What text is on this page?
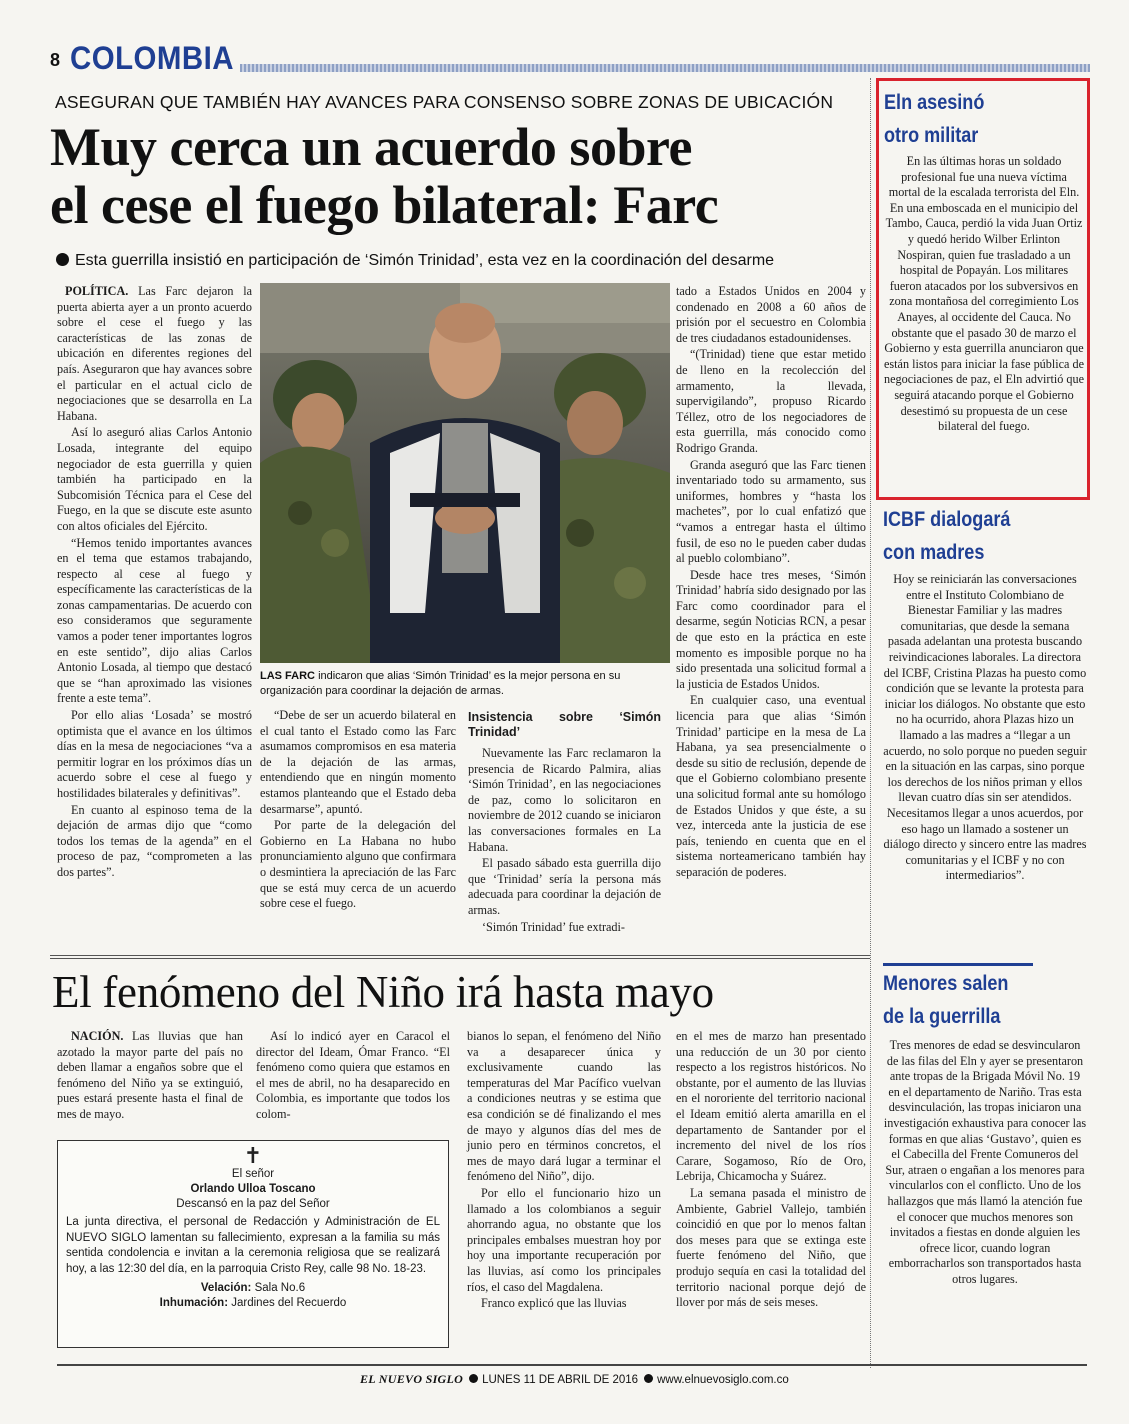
8 COLOMBIA
ASEGURAN QUE TAMBIÉN HAY AVANCES PARA CONSENSO SOBRE ZONAS DE UBICACIÓN
Muy cerca un acuerdo sobre
el cese el fuego bilateral: Farc
Esta guerrilla insistió en participación de ‘Simón Trinidad’, esta vez en la coordinación del desarme

POLÍTICA. Las Farc dejaron la puerta abierta ayer a un pronto acuerdo sobre el cese el fuego y las características de las zonas de ubicación en diferentes regiones del país. Aseguraron que hay avances sobre el particular en el actual ciclo de negociaciones que se desarrolla en La Habana.

Así lo aseguró alias Carlos Antonio Losada, integrante del equipo negociador de esta guerrilla y quien también ha participado en la Subcomisión Técnica para el Cese del Fuego, en la que se discute este asunto con altos oficiales del Ejército.

“Hemos tenido importantes avances en el tema que estamos trabajando, respecto al cese al fuego y específicamente las características de la zonas campamentarias. De acuerdo con eso consideramos que seguramente vamos a poder tener importantes logros en este sentido”, dijo alias Carlos Antonio Losada, al tiempo que destacó que se “han aproximado las visiones frente a este tema”.

Por ello alias ‘Losada’ se mostró optimista que el avance en los últimos días en la mesa de negociaciones “va a permitir lograr en los próximos días un acuerdo sobre el cese al fuego y hostilidades bilaterales y definitivas”.

En cuanto al espinoso tema de la dejación de armas dijo que “como todos los temas de la agenda” en el proceso de paz, “comprometen a las dos partes”.

LAS FARC indicaron que alias ‘Simón Trinidad’ es la mejor persona en su organización para coordinar la dejación de armas.

“Debe de ser un acuerdo bilateral en el cual tanto el Estado como las Farc asumamos compromisos en esa materia de la dejación de las armas, entendiendo que en ningún momento estamos planteando que el Estado deba desarmarse”, apuntó.

Por parte de la delegación del Gobierno en La Habana no hubo pronunciamiento alguno que confirmara o desmintiera la apreciación de las Farc que se está muy cerca de un acuerdo sobre cese el fuego.

Insistencia sobre ‘Simón Trinidad’

Nuevamente las Farc reclamaron la presencia de Ricardo Palmira, alias ‘Simón Trinidad’, en las negociaciones de paz, como lo solicitaron en noviembre de 2012 cuando se iniciaron las conversaciones formales en La Habana.

El pasado sábado esta guerrilla dijo que ‘Trinidad’ sería la persona más adecuada para coordinar la dejación de armas.

‘Simón Trinidad’ fue extradi-

tado a Estados Unidos en 2004 y condenado en 2008 a 60 años de prisión por el secuestro en Colombia de tres ciudadanos estadounidenses.

“(Trinidad) tiene que estar metido de lleno en la recolección del armamento, la llevada, supervigilando”, propuso Ricardo Téllez, otro de los negociadores de esta guerrilla, más conocido como Rodrigo Granda.

Granda aseguró que las Farc tienen inventariado todo su armamento, sus uniformes, hombres y “hasta los machetes”, por lo cual enfatizó que “vamos a entregar hasta el último fusil, de eso no le pueden caber dudas al pueblo colombiano”.

Desde hace tres meses, ‘Simón Trinidad’ habría sido designado por las Farc como coordinador para el desarme, según Noticias RCN, a pesar de que esto en la práctica en este momento es imposible porque no ha sido presentada una solicitud formal a la justicia de Estados Unidos.

En cualquier caso, una eventual licencia para que alias ‘Simón Trinidad’ participe en la mesa de La Habana, ya sea presencialmente o desde su sitio de reclusión, depende de que el Gobierno colombiano presente una solicitud formal ante su homólogo de Estados Unidos y que éste, a su vez, interceda ante la justicia de ese país, teniendo en cuenta que en el sistema norteamericano también hay separación de poderes.

Eln asesinó
otro militar
En las últimas horas un soldado profesional fue una nueva víctima mortal de la escalada terrorista del Eln. En una emboscada en el municipio del Tambo, Cauca, perdió la vida Juan Ortiz y quedó herido Wilber Erlinton Nospiran, quien fue trasladado a un hospital de Popayán. Los militares fueron atacados por los subversivos en zona montañosa del corregimiento Los Anayes, al occidente del Cauca. No obstante que el pasado 30 de marzo el Gobierno y esta guerrilla anunciaron que están listos para iniciar la fase pública de negociaciones de paz, el Eln advirtió que seguirá atacando porque el Gobierno desestimó su propuesta de un cese bilateral del fuego.
ICBF dialogará
con madres
Hoy se reiniciarán las conversaciones entre el Instituto Colombiano de Bienestar Familiar y las madres comunitarias, que desde la semana pasada adelantan una protesta buscando reivindicaciones laborales. La directora del ICBF, Cristina Plazas ha puesto como condición que se levante la protesta para iniciar los diálogos. No obstante que esto no ha ocurrido, ahora Plazas hizo un llamado a las madres a “llegar a un acuerdo, no solo porque no pueden seguir en la situación en las carpas, sino porque los derechos de los niños priman y ellos llevan cuatro días sin ser atendidos. Necesitamos llegar a unos acuerdos, por eso hago un llamado a sostener un diálogo directo y sincero entre las madres comunitarias y el ICBF y no con intermediarios”.
Menores salen
de la guerrilla
Tres menores de edad se desvincularon de las filas del Eln y ayer se presentaron ante tropas de la Brigada Móvil No. 19 en el departamento de Nariño. Tras esta desvinculación, las tropas iniciaron una investigación exhaustiva para conocer las formas en que alias ‘Gustavo’, quien es el Cabecilla del Frente Comuneros del Sur, atraen o engañan a los menores para vincularlos con el conflicto. Uno de los hallazgos que más llamó la atención fue el conocer que muchos menores son invitados a fiestas en donde alguien les ofrece licor, cuando logran emborracharlos son transportados hasta otros lugares.
El fenómeno del Niño irá hasta mayo

NACIÓN. Las lluvias que han azotado la mayor parte del país no deben llamar a engaños sobre que el fenómeno del Niño ya se extinguió, pues estará presente hasta el final de mes de mayo.

Así lo indicó ayer en Caracol el director del Ideam, Ómar Franco. “El fenómeno como quiera que estamos en el mes de abril, no ha desaparecido en Colombia, es importante que todos los colom-

bianos lo sepan, el fenómeno del Niño va a desaparecer única y exclusivamente cuando las temperaturas del Mar Pacífico vuelvan a condiciones neutras y se estima que esa condición se dé finalizando el mes de mayo y algunos días del mes de junio pero en términos concretos, el mes de mayo dará lugar a terminar el fenómeno del Niño”, dijo.

Por ello el funcionario hizo un llamado a los colombianos a seguir ahorrando agua, no obstante que los principales embalses muestran hoy por hoy una importante recuperación por las lluvias, así como los principales ríos, el caso del Magdalena.

Franco explicó que las lluvias

en el mes de marzo han presentado una reducción de un 30 por ciento respecto a los registros históricos. No obstante, por el aumento de las lluvias en el nororiente del territorio nacional el Ideam emitió alerta amarilla en el departamento de Santander por el incremento del nivel de los ríos Carare, Sogamoso, Río de Oro, Lebrija, Chicamocha y Suárez.

La semana pasada el ministro de Ambiente, Gabriel Vallejo, también coincidió en que por lo menos faltan dos meses para que se extinga este fuerte fenómeno del Niño, que produjo sequía en casi la totalidad del territorio nacional porque dejó de llover por más de seis meses.

✝
El señor
Orlando Ulloa Toscano
Descansó en la paz del Señor
La junta directiva, el personal de Redacción y Administración de EL NUEVO SIGLO lamentan su fallecimiento, expresan a la familia su más sentida condolencia e invitan a la ceremonia religiosa que se realizará hoy, a las 12:30 del día, en la parroquia Cristo Rey, calle 98 No. 18-23.
Velación: Sala No.6
Inhumación: Jardines del Recuerdo
EL NUEVO SIGLO LUNES 11 DE ABRIL DE 2016 www.elnuevosiglo.com.co
